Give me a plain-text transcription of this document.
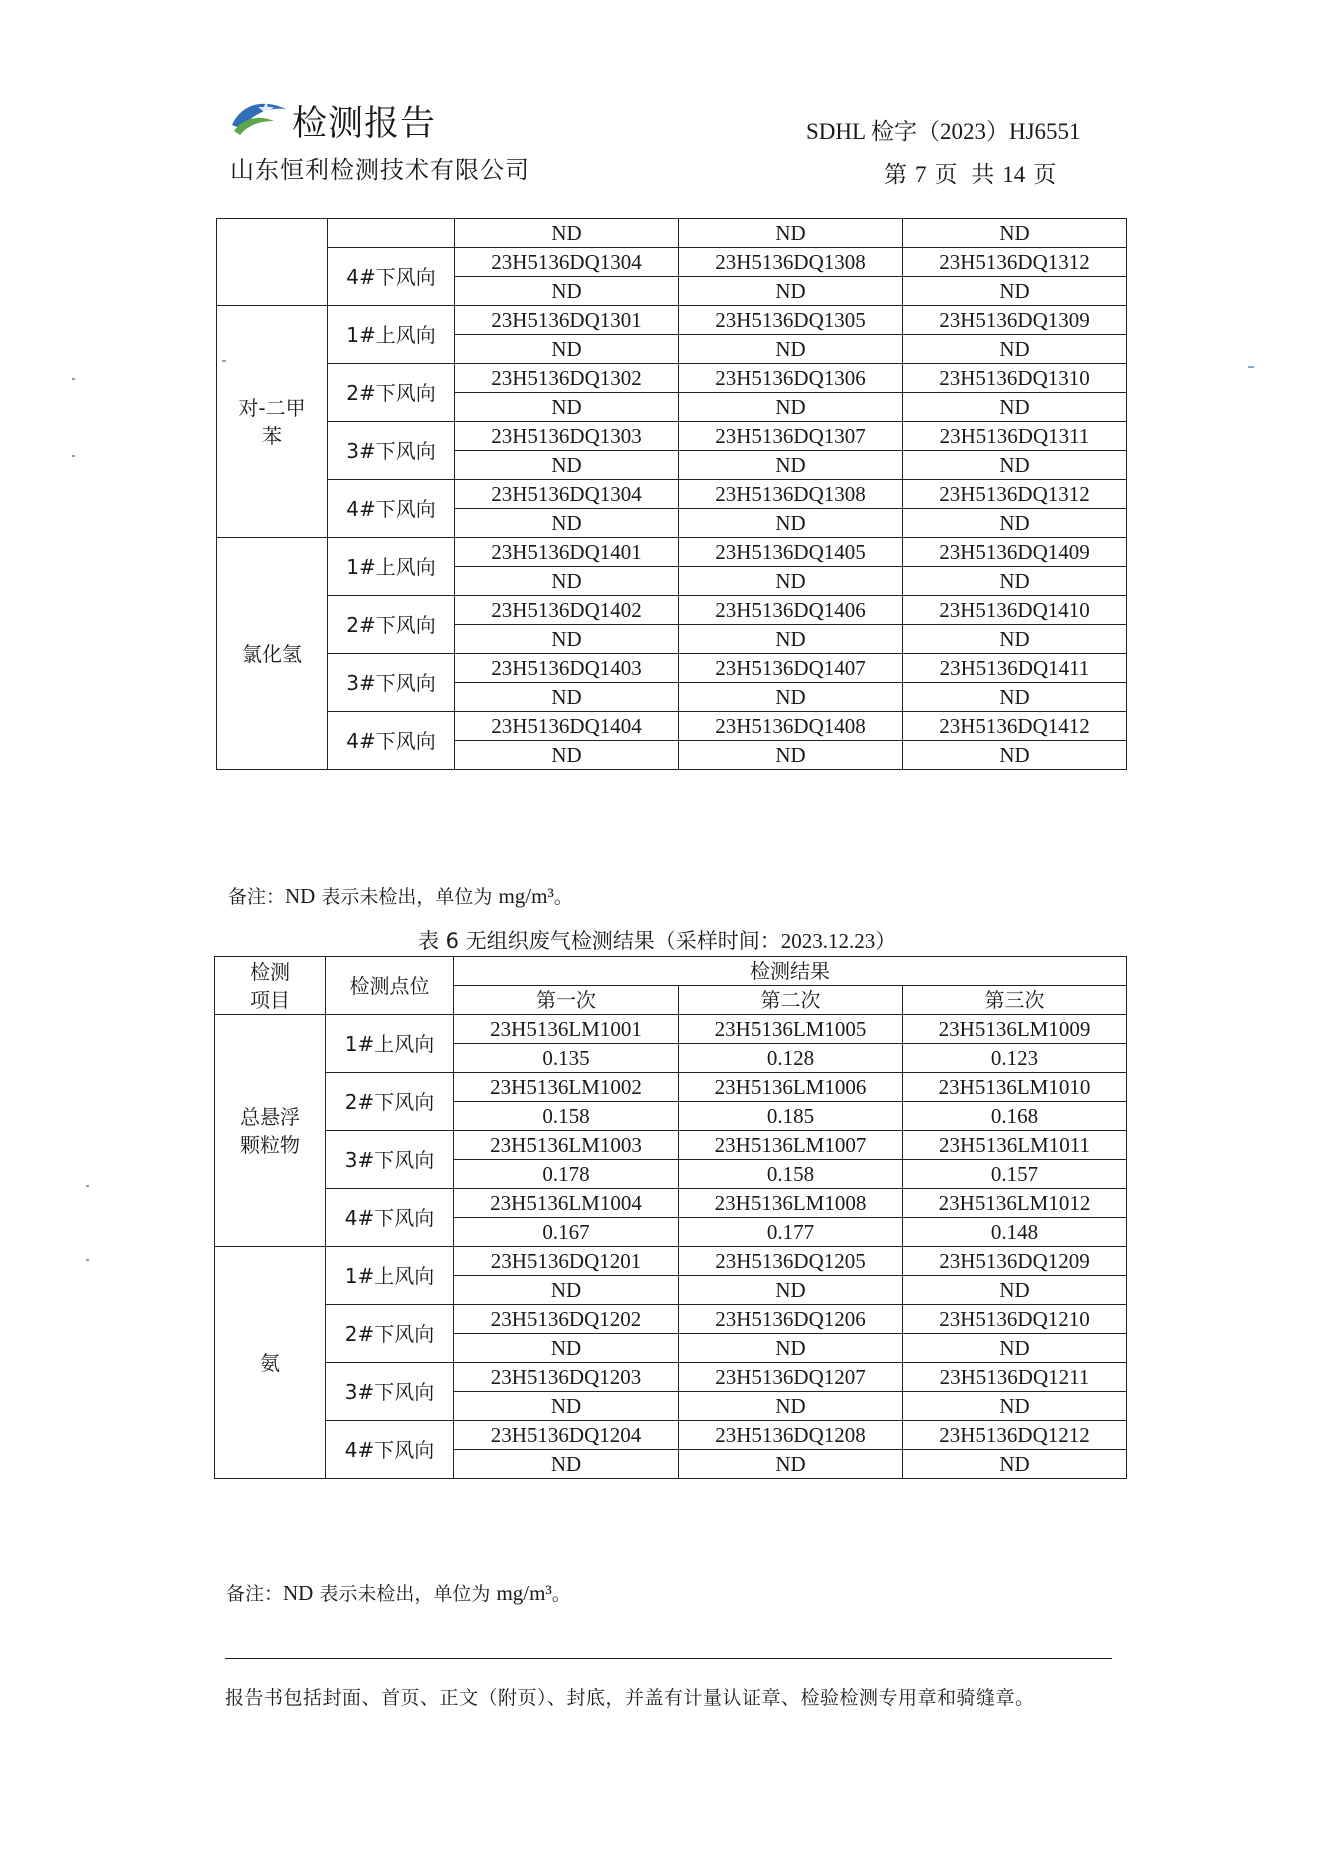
检测报告
山东恒利检测技术有限公司
SDHL 检字（2023）HJ6551
第 7 页 共 14 页
		ND	ND	ND
	4#下风向	23H5136DQ1304	23H5136DQ1308	23H5136DQ1312
		ND	ND	ND
对-二甲苯	1#上风向	23H5136DQ1301	23H5136DQ1305	23H5136DQ1309
		ND	ND	ND
	2#下风向	23H5136DQ1302	23H5136DQ1306	23H5136DQ1310
		ND	ND	ND
	3#下风向	23H5136DQ1303	23H5136DQ1307	23H5136DQ1311
		ND	ND	ND
	4#下风向	23H5136DQ1304	23H5136DQ1308	23H5136DQ1312
		ND	ND	ND
氯化氢	1#上风向	23H5136DQ1401	23H5136DQ1405	23H5136DQ1409
		ND	ND	ND
	2#下风向	23H5136DQ1402	23H5136DQ1406	23H5136DQ1410
		ND	ND	ND
	3#下风向	23H5136DQ1403	23H5136DQ1407	23H5136DQ1411
		ND	ND	ND
	4#下风向	23H5136DQ1404	23H5136DQ1408	23H5136DQ1412
		ND	ND	ND
备注：ND 表示未检出，单位为 mg/m³。
表 6 无组织废气检测结果（采样时间：2023.12.23）
检测项目	检测点位	检测结果		
		第一次	第二次	第三次
总悬浮颗粒物	1#上风向	23H5136LM1001	23H5136LM1005	23H5136LM1009
		0.135	0.128	0.123
	2#下风向	23H5136LM1002	23H5136LM1006	23H5136LM1010
		0.158	0.185	0.168
	3#下风向	23H5136LM1003	23H5136LM1007	23H5136LM1011
		0.178	0.158	0.157
	4#下风向	23H5136LM1004	23H5136LM1008	23H5136LM1012
		0.167	0.177	0.148
氨	1#上风向	23H5136DQ1201	23H5136DQ1205	23H5136DQ1209
		ND	ND	ND
	2#下风向	23H5136DQ1202	23H5136DQ1206	23H5136DQ1210
		ND	ND	ND
	3#下风向	23H5136DQ1203	23H5136DQ1207	23H5136DQ1211
		ND	ND	ND
	4#下风向	23H5136DQ1204	23H5136DQ1208	23H5136DQ1212
		ND	ND	ND
备注：ND 表示未检出，单位为 mg/m³。
报告书包括封面、首页、正文（附页）、封底，并盖有计量认证章、检验检测专用章和骑缝章。
